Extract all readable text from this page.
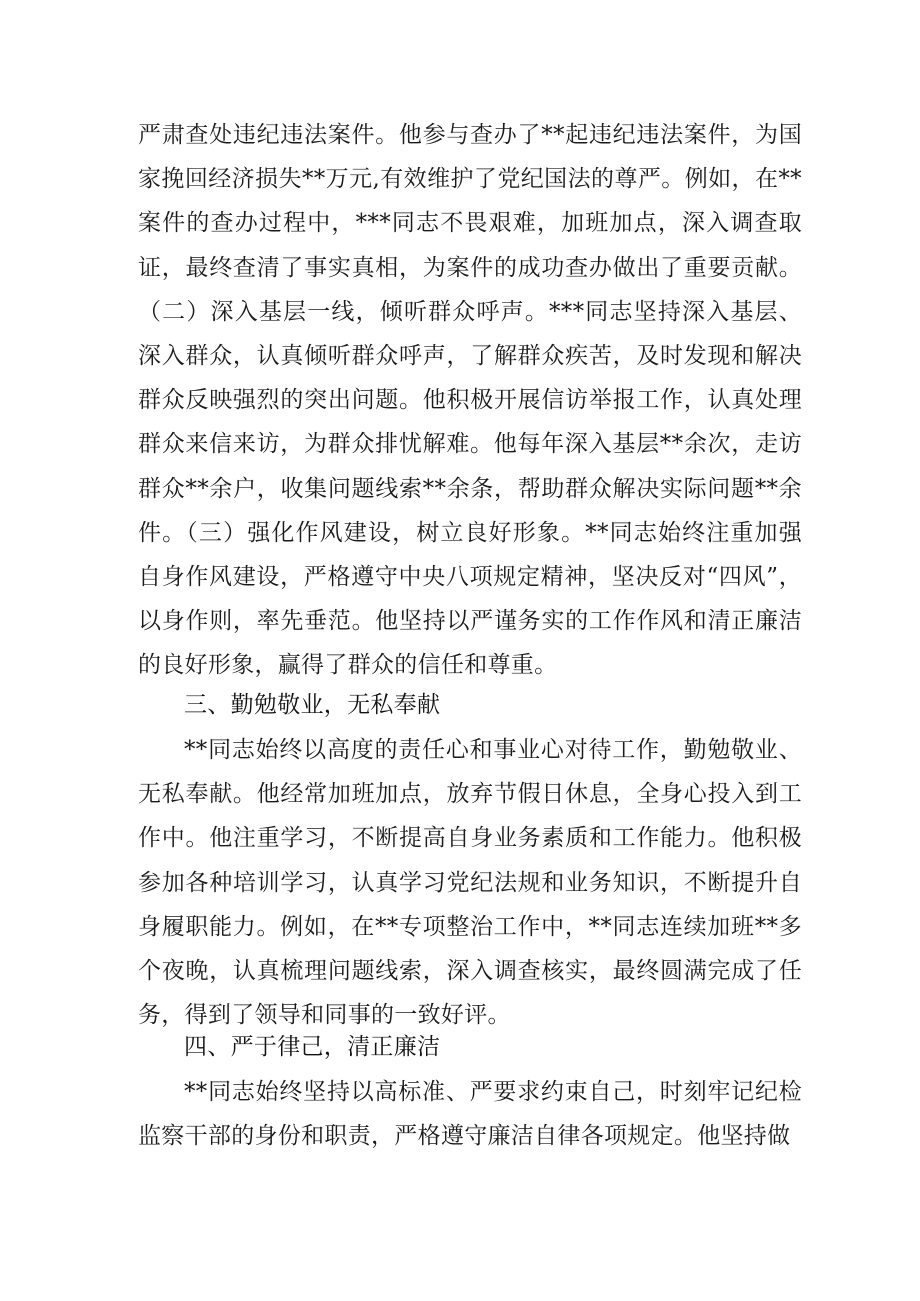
严肃查处违纪违法案件。他参与查办了**起违纪违法案件，为国家挽回经济损失**万元,有效维护了党纪国法的尊严。例如，在**案件的查办过程中，***同志不畏艰难，加班加点，深入调查取证，最终查清了事实真相，为案件的成功查办做出了重要贡献。（二）深入基层一线，倾听群众呼声。***同志坚持深入基层、深入群众，认真倾听群众呼声，了解群众疾苦，及时发现和解决群众反映强烈的突出问题。他积极开展信访举报工作，认真处理群众来信来访，为群众排忧解难。他每年深入基层**余次，走访群众**余户，收集问题线索**余条，帮助群众解决实际问题**余件。（三）强化作风建设，树立良好形象。**同志始终注重加强自身作风建设，严格遵守中央八项规定精神，坚决反对“四风”，以身作则，率先垂范。他坚持以严谨务实的工作作风和清正廉洁的良好形象，赢得了群众的信任和尊重。

三、勤勉敬业，无私奉献

**同志始终以高度的责任心和事业心对待工作，勤勉敬业、无私奉献。他经常加班加点，放弃节假日休息，全身心投入到工作中。他注重学习，不断提高自身业务素质和工作能力。他积极参加各种培训学习，认真学习党纪法规和业务知识，不断提升自身履职能力。例如，在**专项整治工作中，**同志连续加班**多个夜晚，认真梳理问题线索，深入调查核实，最终圆满完成了任务，得到了领导和同事的一致好评。

四、严于律己，清正廉洁

**同志始终坚持以高标准、严要求约束自己，时刻牢记纪检监察干部的身份和职责，严格遵守廉洁自律各项规定。他坚持做
